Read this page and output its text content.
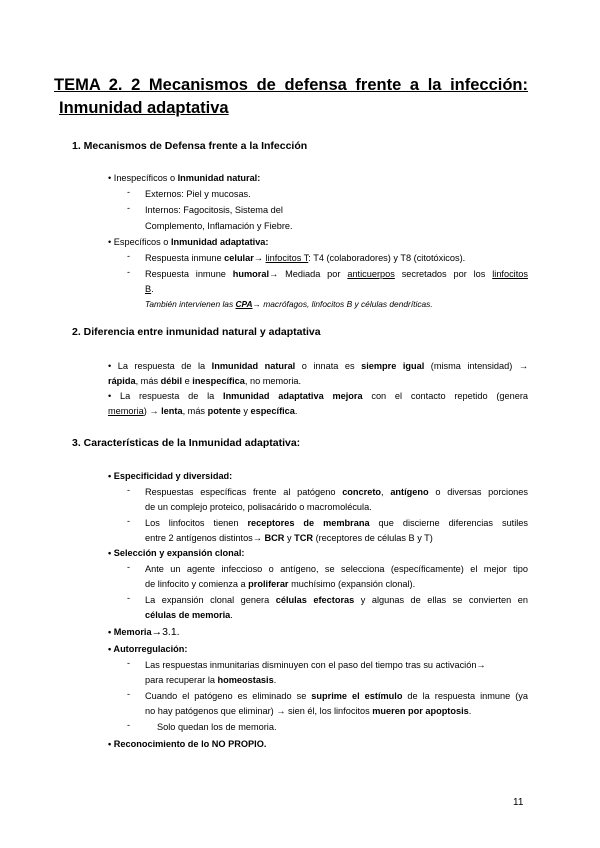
TEMA 2. 2 Mecanismos de defensa frente a la infección:
Inmunidad adaptativa
1. Mecanismos de Defensa frente a la Infección
• Inespecíficos o Inmunidad natural:
- Externos: Piel y mucosas.
- Internos: Fagocitosis, Sistema del
Complemento, Inflamación y Fiebre.
• Específicos o Inmunidad adaptativa:
- Respuesta inmune celular→ linfocitos T: T4 (colaboradores) y T8 (citotóxicos).
- Respuesta inmune humoral→ Mediada por anticuerpos secretados por los linfocitos
B.
También intervienen las CPA→ macrófagos, linfocitos B y células dendríticas.
2. Diferencia entre inmunidad natural y adaptativa
• La respuesta de la Inmunidad natural o innata es siempre igual (misma intensidad) →
rápida, más débil e inespecífica, no memoria.
• La respuesta de la Inmunidad adaptativa mejora con el contacto repetido (genera
memoria) → lenta, más potente y específica.
3. Características de la Inmunidad adaptativa:
• Especificidad y diversidad:
- Respuestas específicas frente al patógeno concreto, antígeno o diversas porciones
de un complejo proteico, polisacárido o macromolécula.
- Los linfocitos tienen receptores de membrana que discierne diferencias sutiles
entre 2 antígenos distintos→ BCR y TCR (receptores de células B y T)
• Selección y expansión clonal:
- Ante un agente infeccioso o antígeno, se selecciona (específicamente) el mejor tipo
de linfocito y comienza a proliferar muchísimo (expansión clonal).
- La expansión clonal genera células efectoras y algunas de ellas se convierten en
células de memoria.
• Memoria→3.1.
• Autorregulación:
- Las respuestas inmunitarias disminuyen con el paso del tiempo tras su activación→
para recuperar la homeostasis.
- Cuando el patógeno es eliminado se suprime el estímulo de la respuesta inmune (ya
no hay patógenos que eliminar) → sien él, los linfocitos mueren por apoptosis.
-	Solo quedan los de memoria.
• Reconocimiento de lo NO PROPIO.
11
